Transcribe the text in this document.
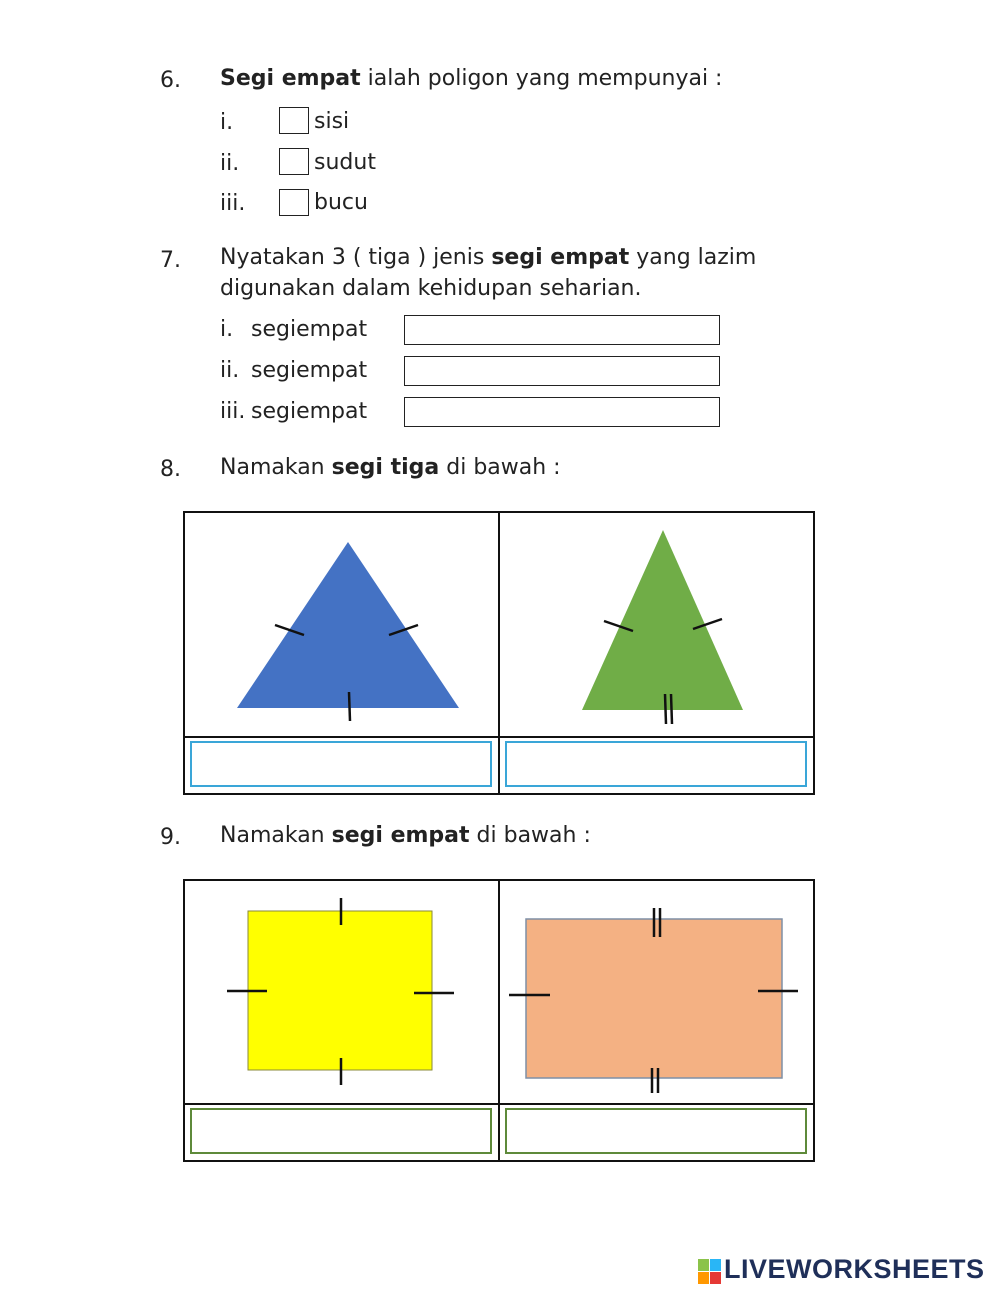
6. Segi empat ialah poligon yang mempunyai :
i.	sisi
ii.	sudut
iii.	bucu
7. Nyatakan 3 ( tiga ) jenis segi empat yang lazim
digunakan dalam kehidupan seharian.
i. segiempat
ii. segiempat
iii. segiempat
8. Namakan segi tiga di bawah :
9. Namakan segi empat di bawah :
LIVEWORKSHEETS
